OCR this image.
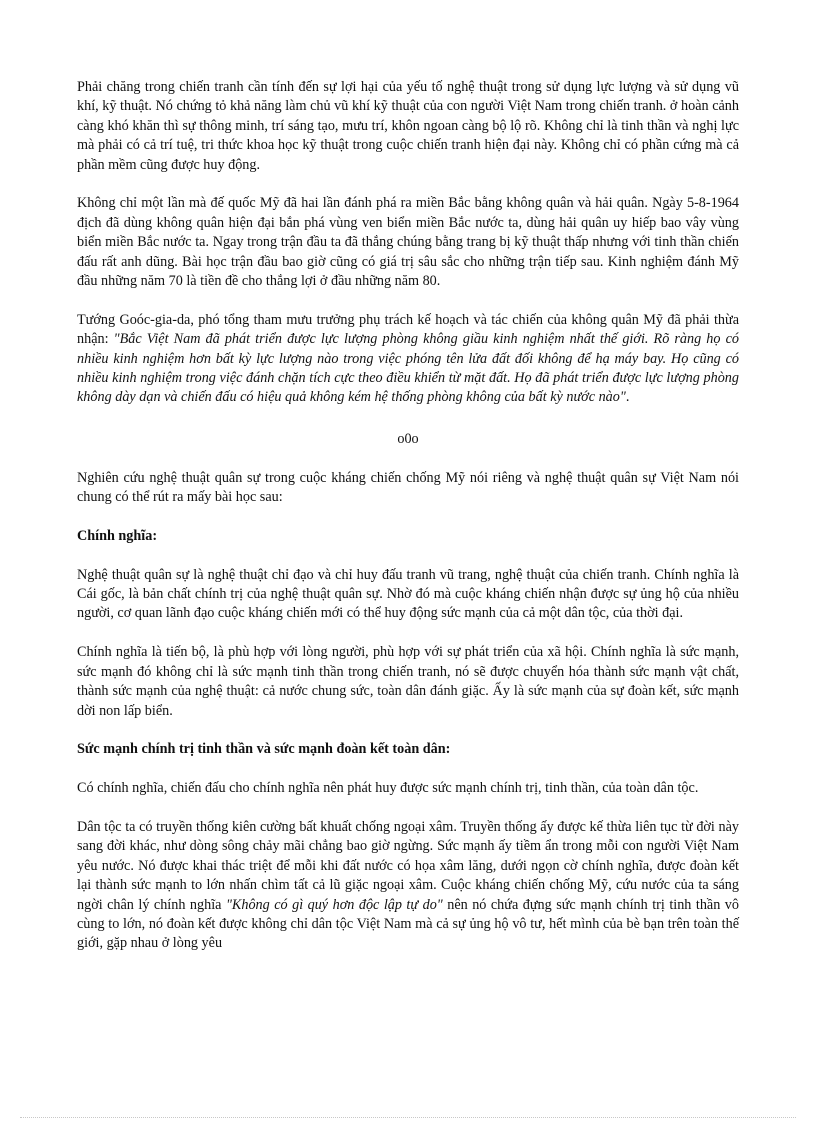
Phải chăng trong chiến tranh cần tính đến sự lợi hại của yếu tố nghệ thuật trong sử dụng lực lượng và sử dụng vũ khí, kỹ thuật. Nó chứng tỏ khả năng làm chủ vũ khí kỹ thuật của con người Việt Nam trong chiến tranh. ở hoàn cảnh càng khó khăn thì sự thông minh, trí sáng tạo, mưu trí, khôn ngoan càng bộ lộ rõ. Không chỉ là tinh thần và nghị lực mà phải có cả trí tuệ, tri thức khoa học kỹ thuật trong cuộc chiến tranh hiện đại này. Không chỉ có phần cứng mà cả phần mềm cũng được huy động.

Không chỉ một lần mà đế quốc Mỹ đã hai lần đánh phá ra miền Bắc bằng không quân và hải quân. Ngày 5-8-1964 địch đã dùng không quân hiện đại bắn phá vùng ven biển miền Bắc nước ta, dùng hải quân uy hiếp bao vây vùng biển miền Bắc nước ta. Ngay trong trận đầu ta đã thắng chúng bằng trang bị kỹ thuật thấp nhưng với tinh thần chiến đấu rất anh dũng. Bài học trận đầu bao giờ cũng có giá trị sâu sắc cho những trận tiếp sau. Kinh nghiệm đánh Mỹ đầu những năm 70 là tiền đề cho thắng lợi ở đầu những năm 80.

Tướng Goóc-gia-da, phó tổng tham mưu trưởng phụ trách kế hoạch và tác chiến của không quân Mỹ đã phải thừa nhận: "Bắc Việt Nam đã phát triển được lực lượng phòng không giầu kinh nghiệm nhất thế giới. Rõ ràng họ có nhiều kinh nghiệm hơn bất kỳ lực lượng nào trong việc phóng tên lửa đất đối không để hạ máy bay. Họ cũng có nhiều kinh nghiệm trong việc đánh chặn tích cực theo điều khiển từ mặt đất. Họ đã phát triển được lực lượng phòng không dày dạn và chiến đấu có hiệu quả không kém hệ thống phòng không của bất kỳ nước nào".

o0o

Nghiên cứu nghệ thuật quân sự trong cuộc kháng chiến chống Mỹ nói riêng và nghệ thuật quân sự Việt Nam nói chung có thể rút ra mấy bài học sau:

Chính nghĩa:

Nghệ thuật quân sự là nghệ thuật chỉ đạo và chỉ huy đấu tranh vũ trang, nghệ thuật của chiến tranh. Chính nghĩa là Cái gốc, là bản chất chính trị của nghệ thuật quân sự. Nhờ đó mà cuộc kháng chiến nhận được sự ủng hộ của nhiều người, cơ quan lãnh đạo cuộc kháng chiến mới có thể huy động sức mạnh của cả một dân tộc, của thời đại.

Chính nghĩa là tiến bộ, là phù hợp với lòng người, phù hợp với sự phát triển của xã hội. Chính nghĩa là sức mạnh, sức mạnh đó không chỉ là sức mạnh tinh thần trong chiến tranh, nó sẽ được chuyển hóa thành sức mạnh vật chất, thành sức mạnh của nghệ thuật: cả nước chung sức, toàn dân đánh giặc. Ấy là sức mạnh của sự đoàn kết, sức mạnh dời non lấp biển.

Sức mạnh chính trị tinh thần và sức mạnh đoàn kết toàn dân:

Có chính nghĩa, chiến đấu cho chính nghĩa nên phát huy được sức mạnh chính trị, tinh thần, của toàn dân tộc.

Dân tộc ta có truyền thống kiên cường bất khuất chống ngoại xâm. Truyền thống ấy được kế thừa liên tục từ đời này sang đời khác, như dòng sông chảy mãi chẳng bao giờ ngừng. Sức mạnh ấy tiềm ẩn trong mỗi con người Việt Nam yêu nước. Nó được khai thác triệt để mỗi khi đất nước có họa xâm lăng, dưới ngọn cờ chính nghĩa, được đoàn kết lại thành sức mạnh to lớn nhấn chìm tất cả lũ giặc ngoại xâm. Cuộc kháng chiến chống Mỹ, cứu nước của ta sáng ngời chân lý chính nghĩa "Không có gì quý hơn độc lập tự do" nên nó chứa đựng sức mạnh chính trị tinh thần vô cùng to lớn, nó đoàn kết được không chỉ dân tộc Việt Nam mà cả sự ủng hộ vô tư, hết mình của bè bạn trên toàn thế giới, gặp nhau ở lòng yêu
